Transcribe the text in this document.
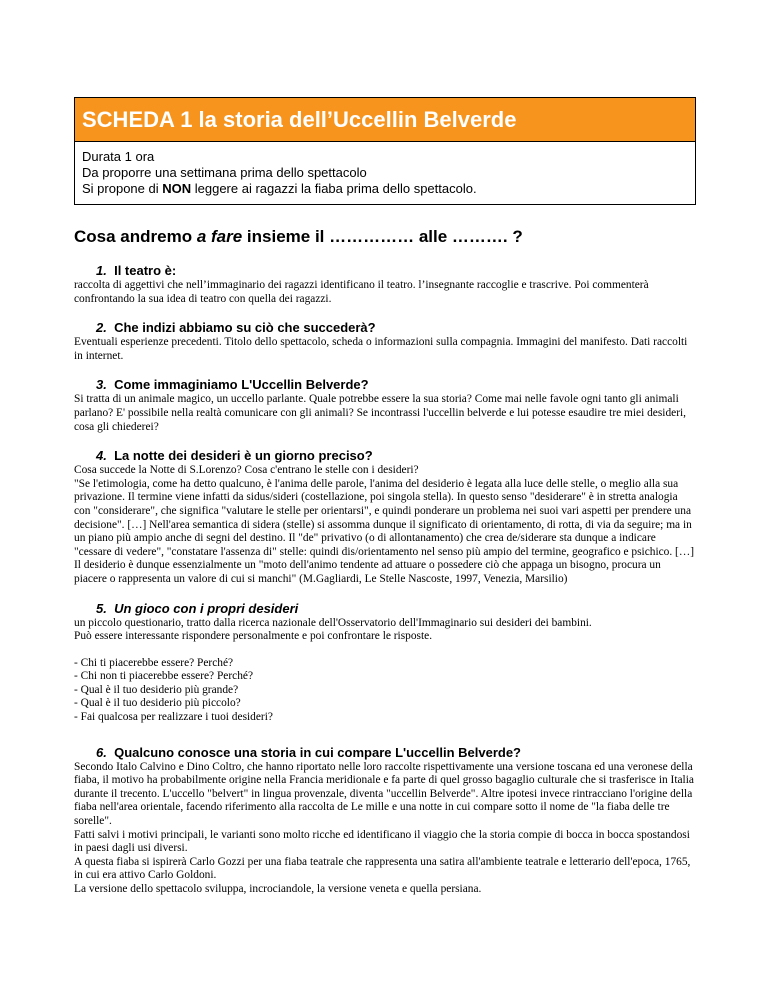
SCHEDA 1 la storia dell’Uccellin Belverde
Durata 1 ora
Da proporre una settimana prima dello spettacolo
Si propone di NON leggere ai ragazzi la fiaba prima dello spettacolo.
Cosa andremo a fare insieme il …………… alle ………. ?
1. Il teatro è:

raccolta di aggettivi che nell’immaginario dei ragazzi identificano il teatro. l’insegnante raccoglie e trascrive. Poi commenterà confrontando la sua idea di teatro con quella dei ragazzi.

2. Che indizi abbiamo su ciò che succederà?

Eventuali esperienze precedenti. Titolo dello spettacolo, scheda o informazioni sulla compagnia. Immagini del manifesto. Dati raccolti in internet.

3. Come immaginiamo L'Uccellin Belverde?

Si tratta di un animale magico, un uccello parlante. Quale potrebbe essere la sua storia? Come mai nelle favole ogni tanto gli animali parlano? E' possibile nella realtà comunicare con gli animali? Se incontrassi l'uccellin belverde e lui potesse esaudire tre miei desideri, cosa gli chiederei?

4. La notte dei desideri è un giorno preciso?

Cosa succede la Notte di S.Lorenzo? Cosa c'entrano le stelle con i desideri?

"Se l'etimologia, come ha detto qualcuno, è l'anima delle parole, l'anima del desiderio è legata alla luce delle stelle, o meglio alla sua privazione. Il termine viene infatti da sidus/sideri (costellazione, poi singola stella). In questo senso "desiderare" è in stretta analogia con "considerare", che significa "valutare le stelle per orientarsi", e quindi ponderare un problema nei suoi vari aspetti per prendere una decisione". […] Nell'area semantica di sidera (stelle) si assomma dunque il significato di orientamento, di rotta, di via da seguire; ma in un piano più ampio anche di segni del destino. Il "de" privativo (o di allontanamento) che crea de/siderare sta dunque a indicare "cessare di vedere", "constatare l'assenza di" stelle: quindi dis/orientamento nel senso più ampio del termine, geografico e psichico. […]

Il desiderio è dunque essenzialmente un "moto dell'animo tendente ad attuare o possedere ciò che appaga un bisogno, procura un piacere o rappresenta un valore di cui si manchi" (M.Gagliardi, Le Stelle Nascoste, 1997, Venezia, Marsilio)

5. Un gioco con i propri desideri

un piccolo questionario, tratto dalla ricerca nazionale dell'Osservatorio dell'Immaginario sui desideri dei bambini.

Può essere interessante rispondere personalmente e poi confrontare le risposte.

- Chi ti piacerebbe essere? Perché?
- Chi non ti piacerebbe essere? Perché?
- Qual è il tuo desiderio più grande?
- Qual è il tuo desiderio più piccolo?
- Fai qualcosa per realizzare i tuoi desideri?
6. Qualcuno conosce una storia in cui compare L'uccellin Belverde?

Secondo Italo Calvino e Dino Coltro, che hanno riportato nelle loro raccolte rispettivamente una versione toscana ed una veronese della fiaba, il motivo ha probabilmente origine nella Francia meridionale e fa parte di quel grosso bagaglio culturale che si trasferisce in Italia durante il trecento. L'uccello "belvert" in lingua provenzale, diventa "uccellin Belverde". Altre ipotesi invece rintracciano l'origine della fiaba nell'area orientale, facendo riferimento alla raccolta de Le mille e una notte in cui compare sotto il nome de "la fiaba delle tre sorelle".

Fatti salvi i motivi principali, le varianti sono molto ricche ed identificano il viaggio che la storia compie di bocca in bocca spostandosi in paesi dagli usi diversi.

A questa fiaba si ispirerà Carlo Gozzi per una fiaba teatrale che rappresenta una satira all'ambiente teatrale e letterario dell'epoca, 1765, in cui era attivo Carlo Goldoni.

La versione dello spettacolo sviluppa, incrociandole, la versione veneta e quella persiana.
